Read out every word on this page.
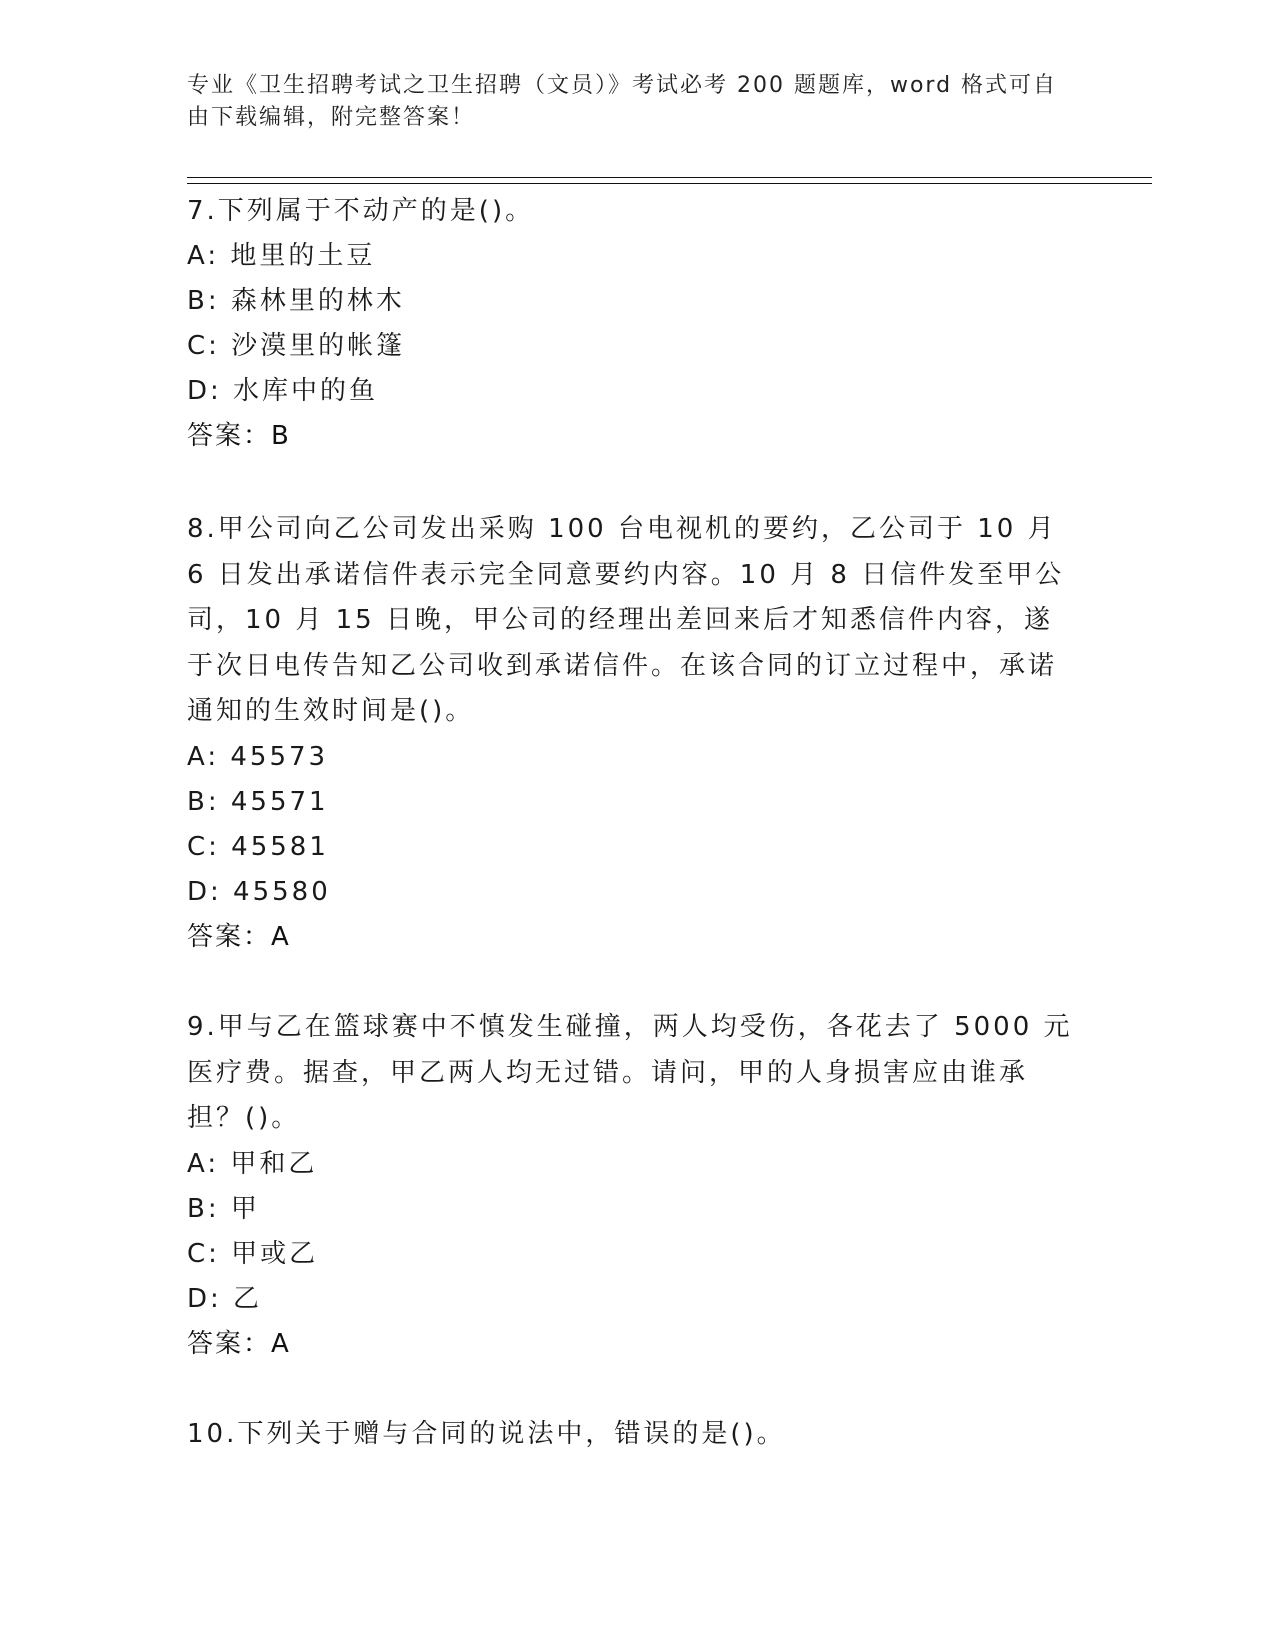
专业《卫生招聘考试之卫生招聘（文员）》考试必考 200 题题库，word 格式可自由下载编辑，附完整答案！
7.下列属于不动产的是()。
A: 地里的土豆
B: 森林里的林木
C: 沙漠里的帐篷
D: 水库中的鱼
答案：B
8.甲公司向乙公司发出采购 100 台电视机的要约，乙公司于 10 月 6 日发出承诺信件表示完全同意要约内容。10 月 8 日信件发至甲公司，10 月 15 日晚，甲公司的经理出差回来后才知悉信件内容，遂于次日电传告知乙公司收到承诺信件。在该合同的订立过程中，承诺通知的生效时间是()。
A: 45573
B: 45571
C: 45581
D: 45580
答案：A
9.甲与乙在篮球赛中不慎发生碰撞，两人均受伤，各花去了 5000 元医疗费。据查，甲乙两人均无过错。请问，甲的人身损害应由谁承担？()。
A: 甲和乙
B: 甲
C: 甲或乙
D: 乙
答案：A
10.下列关于赠与合同的说法中，错误的是()。
